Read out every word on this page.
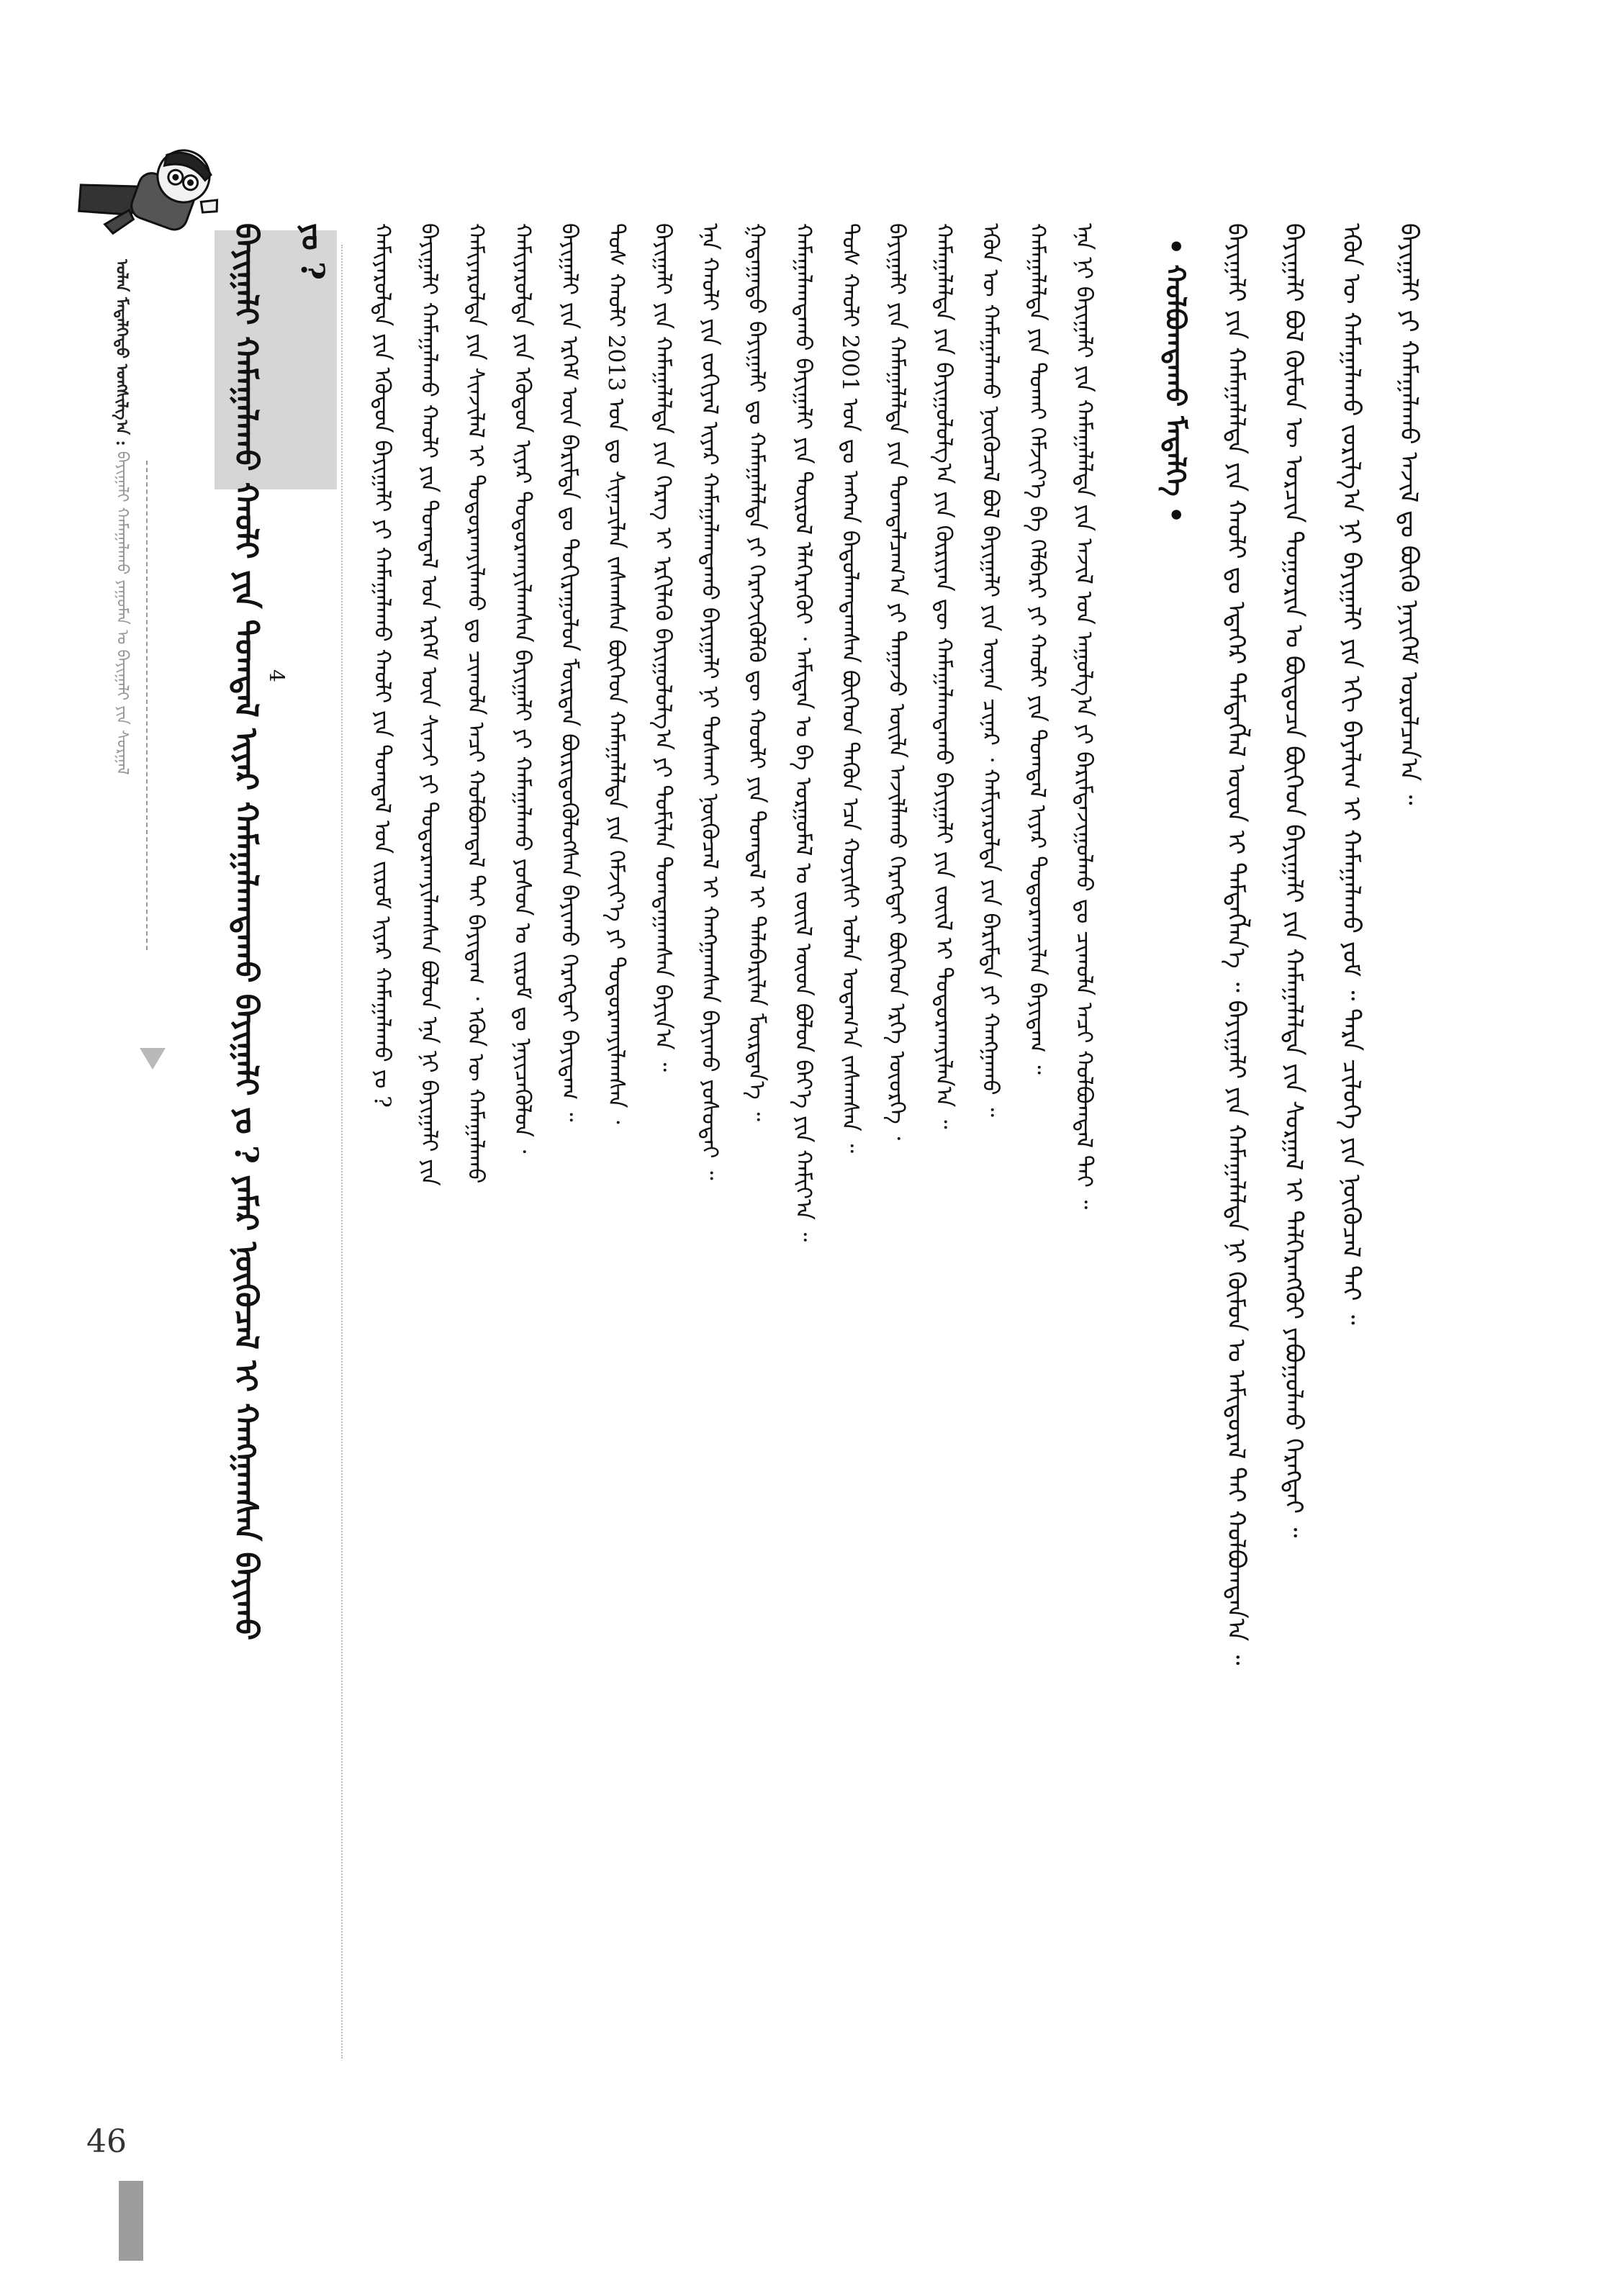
ᠣᠯᠠᠨ ᠮᠡᠳᠡᠯᠭᠡᠲᠦ ᠤᠩᠰᠢᠯᠭ᠎ᠠ : ᠪᠠᠶᠢᠭᠠᠯᠢ ᠬᠠᠮᠠᠭᠠᠯᠠᠬᠤ ᠶᠠᠭᠤᠮᠠᠨ ᠤ ᠪᠠᠶᠢᠭᠠᠯᠢ ᠶᠢᠨ ᠰᠤᠷᠭᠠᠯ	4
ᠪᠠᠶᠢᠭᠠᠯᠢ ᠬᠠᠮᠠᠭᠠᠯᠠᠬᠤ ᠬᠠᠤᠯᠢ ᠶᠢᠨ ᠲᠣᠭᠲᠠᠯ ᠢᠶᠠᠷ ᠬᠠᠮᠠᠭᠠᠯᠠᠭᠳᠠᠬᠤ ᠪᠠᠶᠢᠭᠠᠯᠢ ᠶᠤ ? ᠶᠠᠮᠠᠷ ᠨᠥᠬᠦᠴᠡᠯ ᠢ ᠬᠠᠩᠭᠠᠭᠰᠠᠨ ᠪᠠᠶᠢᠬᠤ ᠶᠤ ? ᠬᠠᠮᠢᠶᠠᠷᠤᠯᠲᠠ ᠶᠢᠨ ᠡᠭᠦᠳᠦᠨ ᠪᠠᠶᠢᠭᠠᠯᠢ ᠶᠢ ᠬᠠᠮᠠᠭᠠᠯᠠᠬᠤ ᠬᠠᠤᠯᠢ ᠶᠢᠨ ᠲᠣᠭᠲᠠᠯ ᠤᠨ ᠵᠢᠷᠤᠮ ᠢᠶᠠᠷ ᠬᠠᠮᠠᠭᠠᠯᠠᠬᠤ ᠶᠤ ? ᠪᠠᠶᠢᠭᠠᠯᠢ ᠬᠠᠮᠠᠭᠠᠯᠠᠬᠤ ᠬᠠᠤᠯᠢ ᠶᠢᠨ ᠲᠣᠭᠲᠠᠯ ᠤᠨ ᠡᠷᠬᠡᠮ ᠦᠨ ᠰᠢᠨᠵᠢ ᠶᠢ ᠲᠣᠳᠣᠷᠬᠠᠶᠢᠯᠠᠭᠰᠠᠨ ᠪᠣᠯᠤᠨ ᠡᠨᠡ ᠨᠢ ᠪᠠᠶᠢᠭᠠᠯᠢ ᠶᠢᠨ ᠬᠠᠮᠢᠶᠠᠷᠤᠯᠲᠠ ᠶᠢᠨ ᠰᠢᠨᠵᠢᠯᠡᠯ ᠢ ᠲᠣᠳᠣᠷᠬᠠᠶᠢᠯᠠᠬᠤ ᠳᠤ ᠴᠢᠬᠤᠯᠠ ᠠᠴᠢ ᠬᠣᠯᠪᠣᠭᠳᠠᠯ ᠲᠠᠶ ᠪᠠᠶᠢᠳᠠᠭ ᠂ ᠡᠭᠦᠨ ᠦ ᠬᠠᠮᠠᠭᠠᠯᠠᠬᠤ ᠬᠠᠮᠢᠶᠠᠷᠤᠯᠲᠠ ᠶᠢᠨ ᠡᠭᠦᠳᠦᠨ ᠢᠶᠡᠷ ᠲᠣᠳᠣᠷᠬᠠᠶᠢᠯᠠᠭᠰᠠᠨ ᠪᠠᠶᠢᠭᠠᠯᠢ ᠶᠢ ᠬᠠᠮᠠᠭᠠᠯᠠᠬᠤ ᠶᠤᠰᠤᠨ ᠤ ᠵᠢᠷᠤᠮ ᠳᠤ ᠨᠡᠶᠢᠴᠡᠭᠦᠯᠦᠨ ᠂ ᠪᠠᠶᠢᠭᠠᠯᠢ ᠶᠢᠨ ᠡᠷᠬᠡᠮ ᠦᠨ ᠪᠠᠷᠢᠮᠲᠠ ᠳᠤ ᠲᠣᠬᠢᠷᠠᠭᠤᠯᠤᠨ ᠮᠥᠷᠳᠡᠨ ᠪᠦᠷᠢᠳᠦᠭᠦᠯᠦᠭᠰᠡᠨ ᠪᠠᠶᠢᠬᠤ ᠬᠡᠷᠡᠭᠲᠡᠶ ᠪᠠᠶᠢᠳᠠᠭ ᠃ ᠲᠤᠰ ᠬᠠᠤᠯᠢ 2013 ᠣᠨ ᠳᠤ ᠰᠢᠨᠡᠴᠢᠯᠡᠨ ᠵᠠᠰᠠᠭᠰᠠᠨ ᠪᠥᠭᠡᠳ ᠬᠠᠮᠠᠭᠠᠯᠠᠯᠲᠠ ᠶᠢᠨ ᠬᠡᠮᠵᠢᠶ᠎ᠡ ᠶᠢ ᠲᠣᠳᠣᠷᠬᠠᠶᠢᠯᠠᠭᠰᠠᠨ ᠂ ᠪᠠᠶᠢᠭᠠᠯᠢ ᠶᠢᠨ ᠬᠠᠮᠠᠭᠠᠯᠠᠯᠲᠠ ᠶᠢᠨ ᠬᠡᠷᠡᠭ ᠢ ᠡᠷᠬᠢᠯᠡᠬᠦ ᠪᠠᠶᠢᠭᠤᠯᠤᠯᠭ᠎ᠠ ᠶᠢ ᠲᠣᠮᠢᠯᠠᠨ ᠲᠣᠭᠲᠠᠭᠠᠭᠰᠠᠨ ᠪᠠᠶᠢᠨ᠎ᠠ ᠃ ᠡᠨᠡ ᠬᠠᠤᠯᠢ ᠶᠢᠨ ᠵᠣᠬᠢᠶᠠᠯ ᠢᠶᠠᠷ ᠬᠠᠮᠠᠭᠠᠯᠠᠭᠳᠠᠬᠤ ᠪᠠᠶᠢᠭᠠᠯᠢ ᠨᠢ ᠲᠤᠰᠬᠠᠶ ᠨᠥᠬᠦᠴᠡᠯ ᠢ ᠬᠠᠩᠭᠠᠭᠰᠠᠨ ᠪᠠᠶᠢᠬᠤ ᠶᠣᠰᠣᠲᠠᠶ ᠃ ᠭᠠᠳᠠᠭᠠᠳᠤ ᠪᠠᠶᠢᠭᠠᠯᠢ ᠳᠤ ᠬᠠᠮᠠᠭᠠᠯᠠᠯᠲᠠ ᠶᠢ ᠬᠡᠷᠡᠭᠵᠢᠭᠦᠯᠬᠦ ᠳᠦ ᠬᠤᠤᠯᠢ ᠶᠢᠨ ᠲᠣᠭᠲᠠᠯ ᠢ ᠲᠠᠯᠠᠪᠠᠷᠢᠯᠠᠨ ᠮᠥᠷᠳᠡᠨ᠎ᠡ ᠃ ᠬᠠᠮᠠᠭᠠᠯᠠᠭᠳᠠᠬᠤ ᠪᠠᠶᠢᠭᠠᠯᠢ ᠶᠢᠨ ᠲᠥᠷᠦᠯ ᠡᠯᠡᠭᠡᠷᠡᠬᠦᠢ ᠂ ᠠᠮᠢᠲᠠᠨ ᠤ ᠪᠠ ᠤᠷᠭᠤᠮᠠᠯ ᠤ ᠵᠦᠢᠯ ᠦᠳ ᠪᠣᠯᠤᠨ ᠪᠡᠶ᠎ᠡ ᠶᠢᠨ ᠬᠠᠮᠢᠶ᠎ᠠ ᠃ ᠲᠤᠰ ᠬᠠᠤᠯᠢ 2001 ᠣᠨ ᠳᠤ ᠠᠩᠬᠠ ᠪᠠᠲᠤᠯᠠᠭᠳᠠᠭᠰᠠᠨ ᠪᠥᠭᠡᠳ ᠲᠡᠭᠦᠨ ᠡᠴᠡ ᠬᠣᠶᠢᠰᠢ ᠣᠯᠠᠨ ᠤᠳᠠᠭ᠎ᠠ ᠵᠠᠰᠠᠭᠰᠠᠨ ᠃ ᠪᠠᠶᠢᠭᠠᠯᠢ ᠶᠢᠨ ᠬᠠᠮᠠᠭᠠᠯᠠᠯᠲᠠ ᠶᠢᠨ ᠲᠣᠭᠲᠠᠯᠴᠠᠭ᠎ᠠ ᠶᠢ ᠳᠠᠭᠠᠵᠤ ᠦᠢᠯᠡ ᠠᠵᠢᠯᠯᠠᠬᠤ ᠬᠡᠷᠡᠭᠲᠡᠢ ᠪᠥᠭᠡᠳ ᠡᠷᠬᠡ ᠦᠦᠷᠭᠡ ᠂ ᠬᠠᠮᠠᠭᠠᠯᠠᠯᠲᠠ ᠶᠢᠨ ᠪᠠᠶᠢᠭᠤᠯᠤᠯᠭ᠎ᠠ ᠶᠢᠨ ᠬᠦᠷᠢᠶᠡᠨ ᠳᠦ ᠬᠠᠮᠠᠭᠠᠯᠠᠭᠳᠠᠬᠤ ᠪᠠᠶᠢᠭᠠᠯᠢ ᠶᠢᠨ ᠵᠦᠢᠯ ᠢ ᠲᠣᠳᠣᠷᠬᠠᠶᠢᠯᠠᠨ᠎ᠠ ᠃ ᠡᠭᠦᠨ ᠦ ᠬᠠᠮᠠᠭᠠᠯᠠᠬᠤ ᠨᠥᠬᠦᠴᠡᠯ ᠪᠣᠯ ᠪᠠᠶᠢᠭᠠᠯᠢ ᠶᠢᠨ ᠦᠨᠡᠨ ᠴᠢᠨᠠᠷ ᠂ ᠬᠠᠮᠢᠶᠠᠷᠤᠯᠲᠠ ᠶᠢᠨ ᠪᠠᠷᠢᠮᠲᠠ ᠶᠢ ᠬᠠᠩᠭᠠᠬᠤ ᠃ ᠬᠠᠮᠠᠭᠠᠯᠠᠯᠲᠠ ᠶᠢᠨ ᠲᠤᠬᠠᠶ ᠬᠡᠮᠵᠢᠶ᠎ᠡ ᠪᠠ ᠬᠡᠯᠪᠡᠷᠢ ᠶᠢ ᠬᠠᠤᠯᠢ ᠶᠢᠨ ᠲᠣᠭᠲᠠᠯ ᠢᠶᠠᠷ ᠲᠣᠳᠣᠷᠬᠠᠶᠢᠯᠠᠨ ᠪᠠᠶᠢᠳᠠᠭ ᠃ ᠡᠨᠡ ᠨᠢ ᠪᠠᠶᠢᠭᠠᠯᠢ ᠶᠢᠨ ᠬᠠᠮᠠᠭᠠᠯᠠᠯᠲᠠ ᠶᠢᠨ ᠠᠵᠢᠯ ᠤᠨ ᠠᠭᠤᠯᠭ᠎ᠠ ᠶᠢ ᠪᠠᠷᠢᠮᠲᠠᠵᠢᠭᠤᠯᠬᠤ ᠳᠤ ᠴᠢᠬᠤᠯᠠ ᠠᠴᠢ ᠬᠣᠯᠪᠣᠭᠳᠠᠯ ᠲᠠᠶ ᠃ • ᠬᠣᠯᠪᠣᠭᠳᠠᠬᠤ ᠮᠡᠳᠡᠯᠭᠡ • ᠪᠠᠶᠢᠭᠠᠯᠢ ᠶᠢᠨ ᠬᠠᠮᠠᠭᠠᠯᠠᠯᠲᠠ ᠶᠢᠨ ᠬᠠᠤᠯᠢ ᠳᠤ ᠡᠳᠡᠭᠡᠷ ᠲᠡᠮᠳᠡᠭᠯᠡᠯ ᠦᠳ ᠢ ᠲᠡᠮᠳᠡᠭᠯᠡᠨ᠎ᠡ ᠃ ᠪᠠᠶᠢᠭᠠᠯᠢ ᠶᠢᠨ ᠬᠠᠮᠠᠭᠠᠯᠠᠯᠲᠠ ᠨᠢ ᠬᠦᠮᠦᠨ ᠤ ᠠᠮᠢᠳᠤᠷᠠᠯ ᠲᠠᠶ ᠬᠣᠯᠪᠣᠭᠳᠠᠨ᠎ᠠ ᠃ ᠪᠠᠶᠢᠭᠠᠯᠢ ᠪᠣᠯ ᠬᠦᠮᠦᠨ ᠦ ᠣᠷᠴᠢᠨ ᠲᠣᠭᠣᠷᠢᠨ ᠤ ᠪᠦᠲᠦᠴᠡ ᠪᠥᠭᠡᠳ ᠪᠠᠶᠢᠭᠠᠯᠢ ᠶᠢᠨ ᠬᠠᠮᠠᠭᠠᠯᠠᠯᠲᠠ ᠶᠢᠨ ᠰᠤᠷᠭᠠᠯ ᠢ ᠳᠡᠯᠭᠡᠷᠡᠩᠭᠦᠢ ᠶᠠᠪᠤᠭᠤᠯᠬᠤ ᠬᠡᠷᠡᠭᠲᠡᠢ ᠃ ᠡᠭᠦᠨ ᠦ ᠬᠠᠮᠠᠭᠠᠯᠠᠬᠤ ᠵᠣᠷᠢᠯᠭ᠎ᠠ ᠨᠢ ᠪᠠᠶᠢᠭᠠᠯᠢ ᠶᠢᠨ ᠡᠬᠢ ᠪᠠᠶᠠᠯᠢᠭ ᠢ ᠬᠠᠮᠠᠭᠠᠯᠠᠬᠤ ᠶᠤᠮ ᠃ ᠲᠡᠷᠡ ᠴᠢᠯᠦᠭᠡ ᠶᠢᠨ ᠨᠥᠬᠦᠴᠡᠯ ᠲᠠᠶ ᠃ ᠪᠠᠶᠢᠭᠠᠯᠢ ᠶᠢ ᠬᠠᠮᠠᠭᠠᠯᠠᠬᠤ ᠠᠵᠢᠯ ᠳᠤ ᠪᠦᠬᠦ ᠨᠡᠶᠢᠭᠡᠮ ᠣᠷᠣᠯᠴᠠᠨ᠎ᠠ ᠃
46
